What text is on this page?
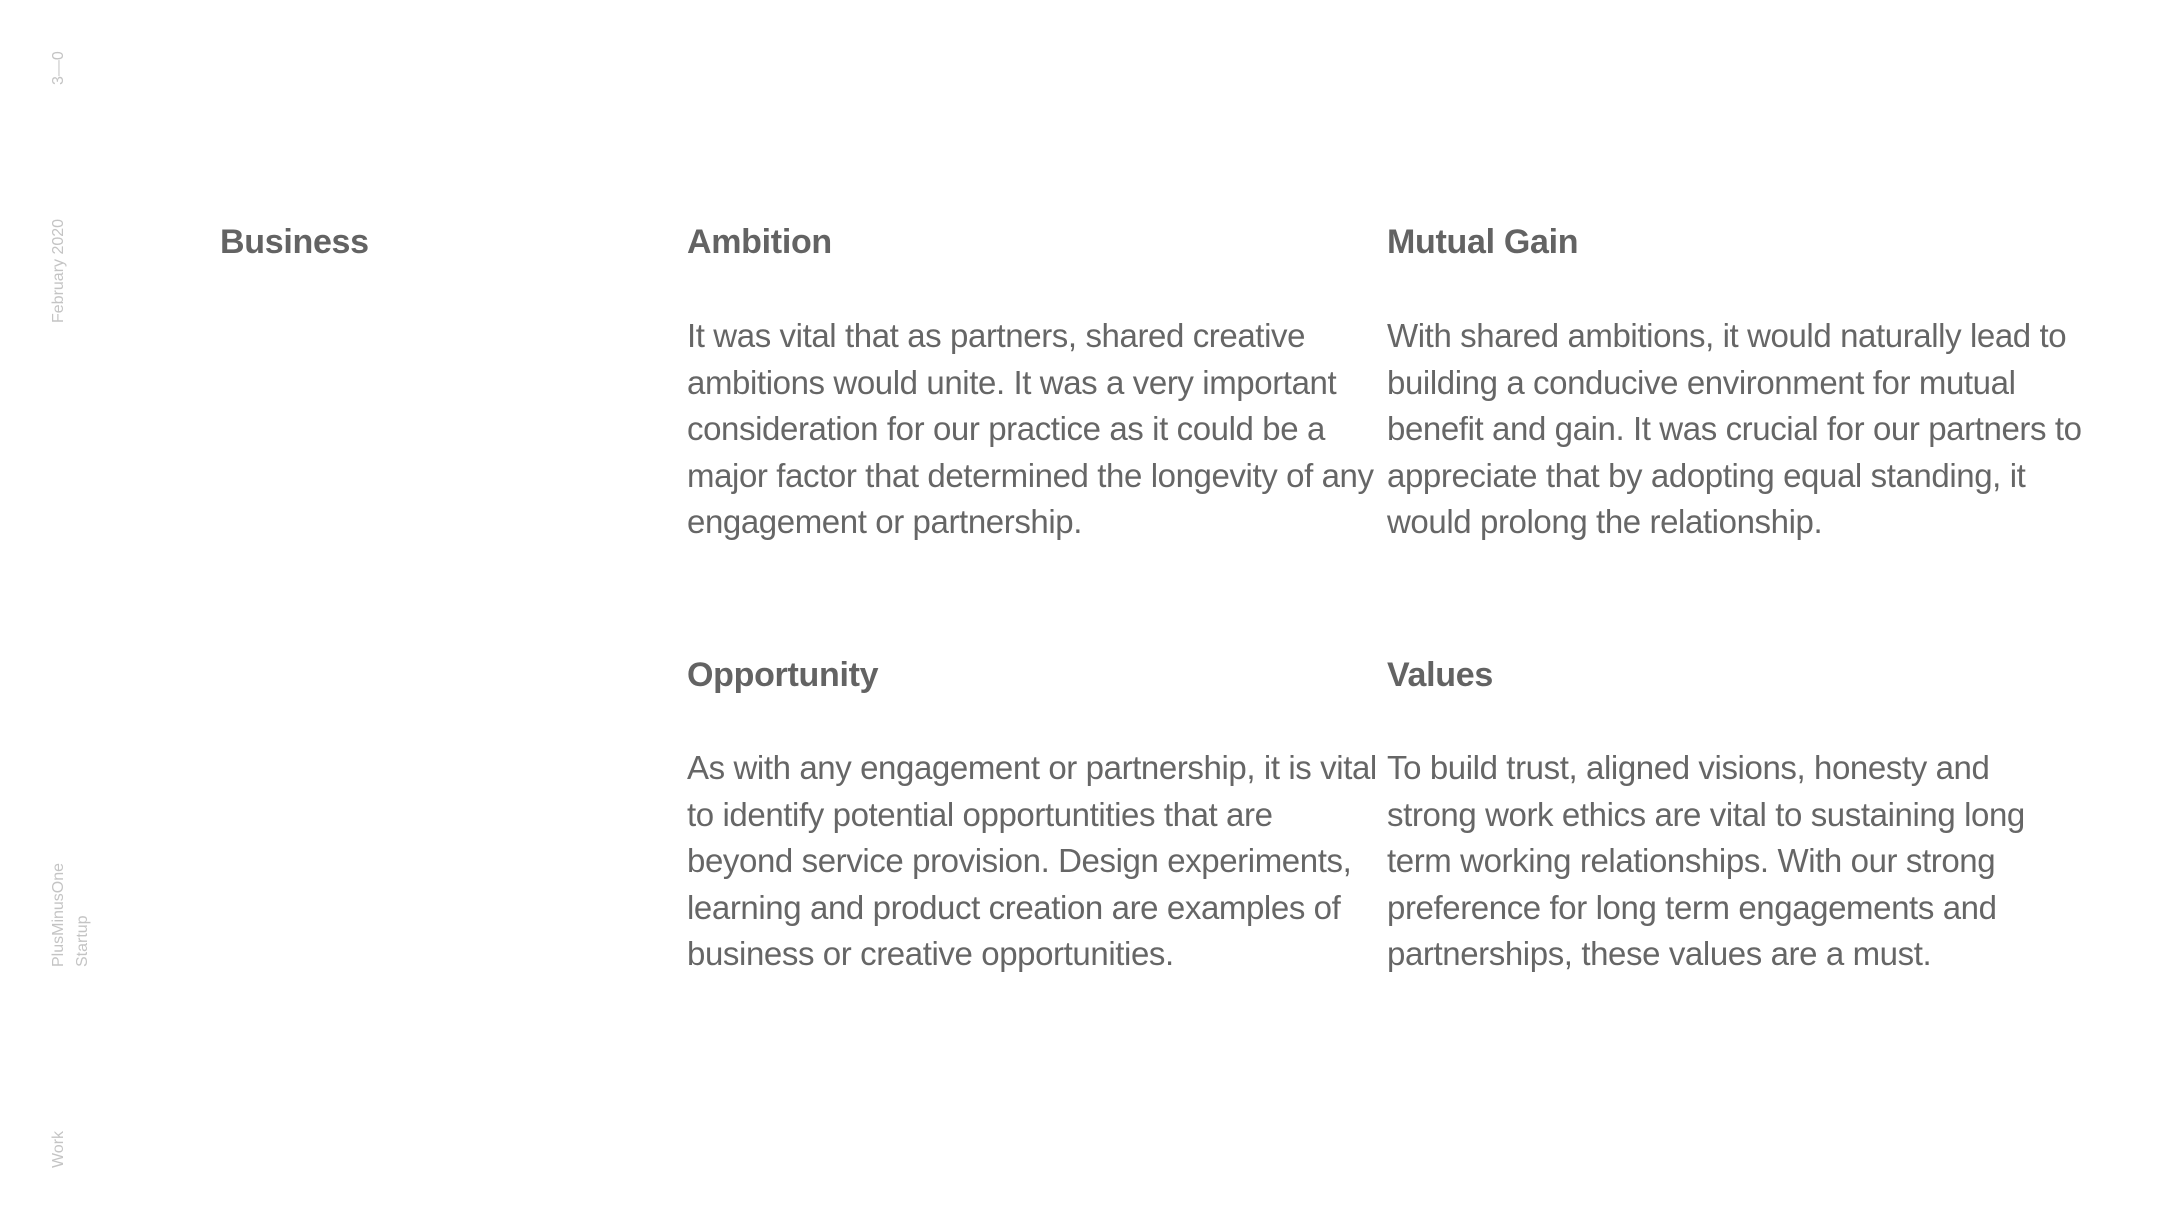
3—0
February 2020
PlusMinusOne Startup
Work
Business	Ambition

It was vital that as partners, shared creative ambitions would unite. It was a very important consideration for our practice as it could be a major factor that determined the longevity of any engagement or partnership.

Mutual Gain

With shared ambitions, it would naturally lead to building a conducive environment for mutual benefit and gain. It was crucial for our partners to appreciate that by adopting equal standing, it would prolong the relationship.

Opportunity

As with any engagement or partnership, it is vital to identify potential opportuntities that are beyond service provision. Design experiments, learning and product creation are examples of business or creative opportunities.

Values

To build trust, aligned visions, honesty and strong work ethics are vital to sustaining long term working relationships. With our strong preference for long term engagements and partnerships, these values are a must.
